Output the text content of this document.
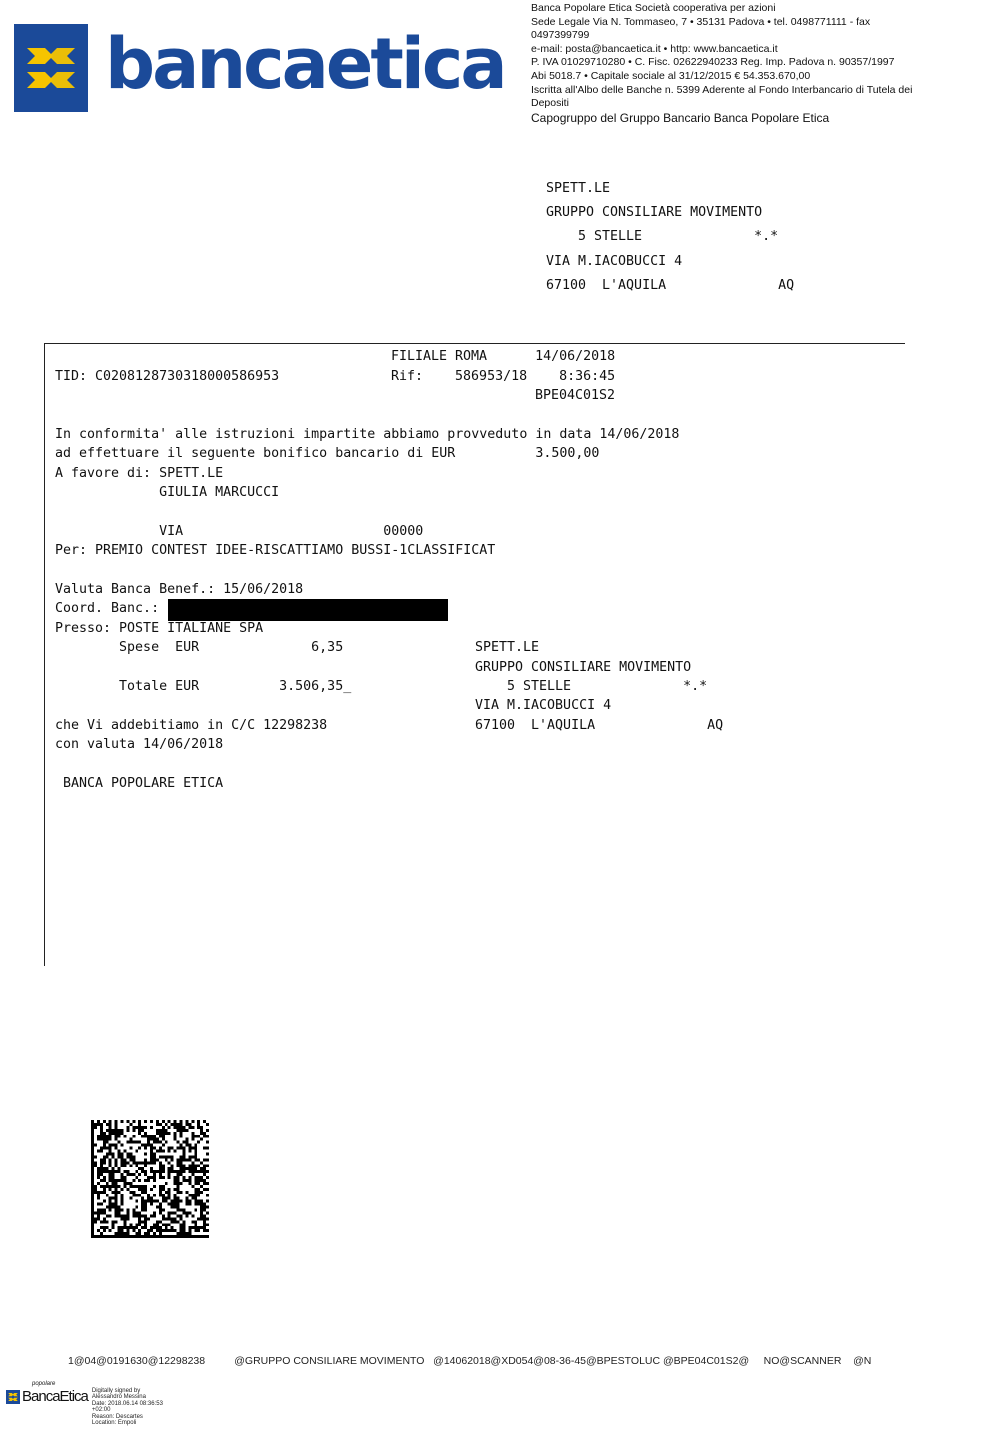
bancaetica
Banca Popolare Etica Società cooperativa per azioni
Sede Legale Via N. Tommaseo, 7 • 35131 Padova • tel. 0498771111 - fax 0497399799
e-mail: posta@bancaetica.it • http: www.bancaetica.it
P. IVA 01029710280 • C. Fisc. 02622940233 Reg. Imp. Padova n. 90357/1997
Abi 5018.7 • Capitale sociale al 31/12/2015 € 54.353.670,00
Iscritta all'Albo delle Banche n. 5399 Aderente al Fondo Interbancario di Tutela dei Depositi
Capogruppo del Gruppo Bancario Banca Popolare Etica
SPETT.LE
GRUPPO CONSILIARE MOVIMENTO
5 STELLE              *.*
VIA M.IACOBUCCI 4
67100  L'AQUILA              AQ
FILIALE ROMA      14/06/2018
TID: C0208128730318000586953	Rif:    586953/18    8:36:45
BPE04C01S2
In conformita' alle istruzioni impartite abbiamo provveduto in data 14/06/2018
ad effettuare il seguente bonifico bancario di EUR          3.500,00
A favore di: SPETT.LE
GIULIA MARCUCCI
VIA                         00000
Per: PREMIO CONTEST IDEE-RISCATTIAMO BUSSI-1CLASSIFICAT
Valuta Banca Benef.: 15/06/2018
Coord. Banc.:
Presso: POSTE ITALIANE SPA
Spese  EUR              6,35
Totale EUR          3.506,35_
SPETT.LE
GRUPPO CONSILIARE MOVIMENTO
5 STELLE              *.*
VIA M.IACOBUCCI 4
67100  L'AQUILA              AQ
che Vi addebitiamo in C/C 12298238
con valuta 14/06/2018
BANCA POPOLARE ETICA
1@04@0191630@12298238          @GRUPPO CONSILIARE MOVIMENTO   @14062018@XD054@08-36-45@BPESTOLUC @BPE04C01S2@     NO@SCANNER    @N
popolare
BancaEtica Digitally signed by
Alessandro Messina
Date: 2018.06.14 08:36:53
+02:00
Reason: Descartes
Location: Empoli
